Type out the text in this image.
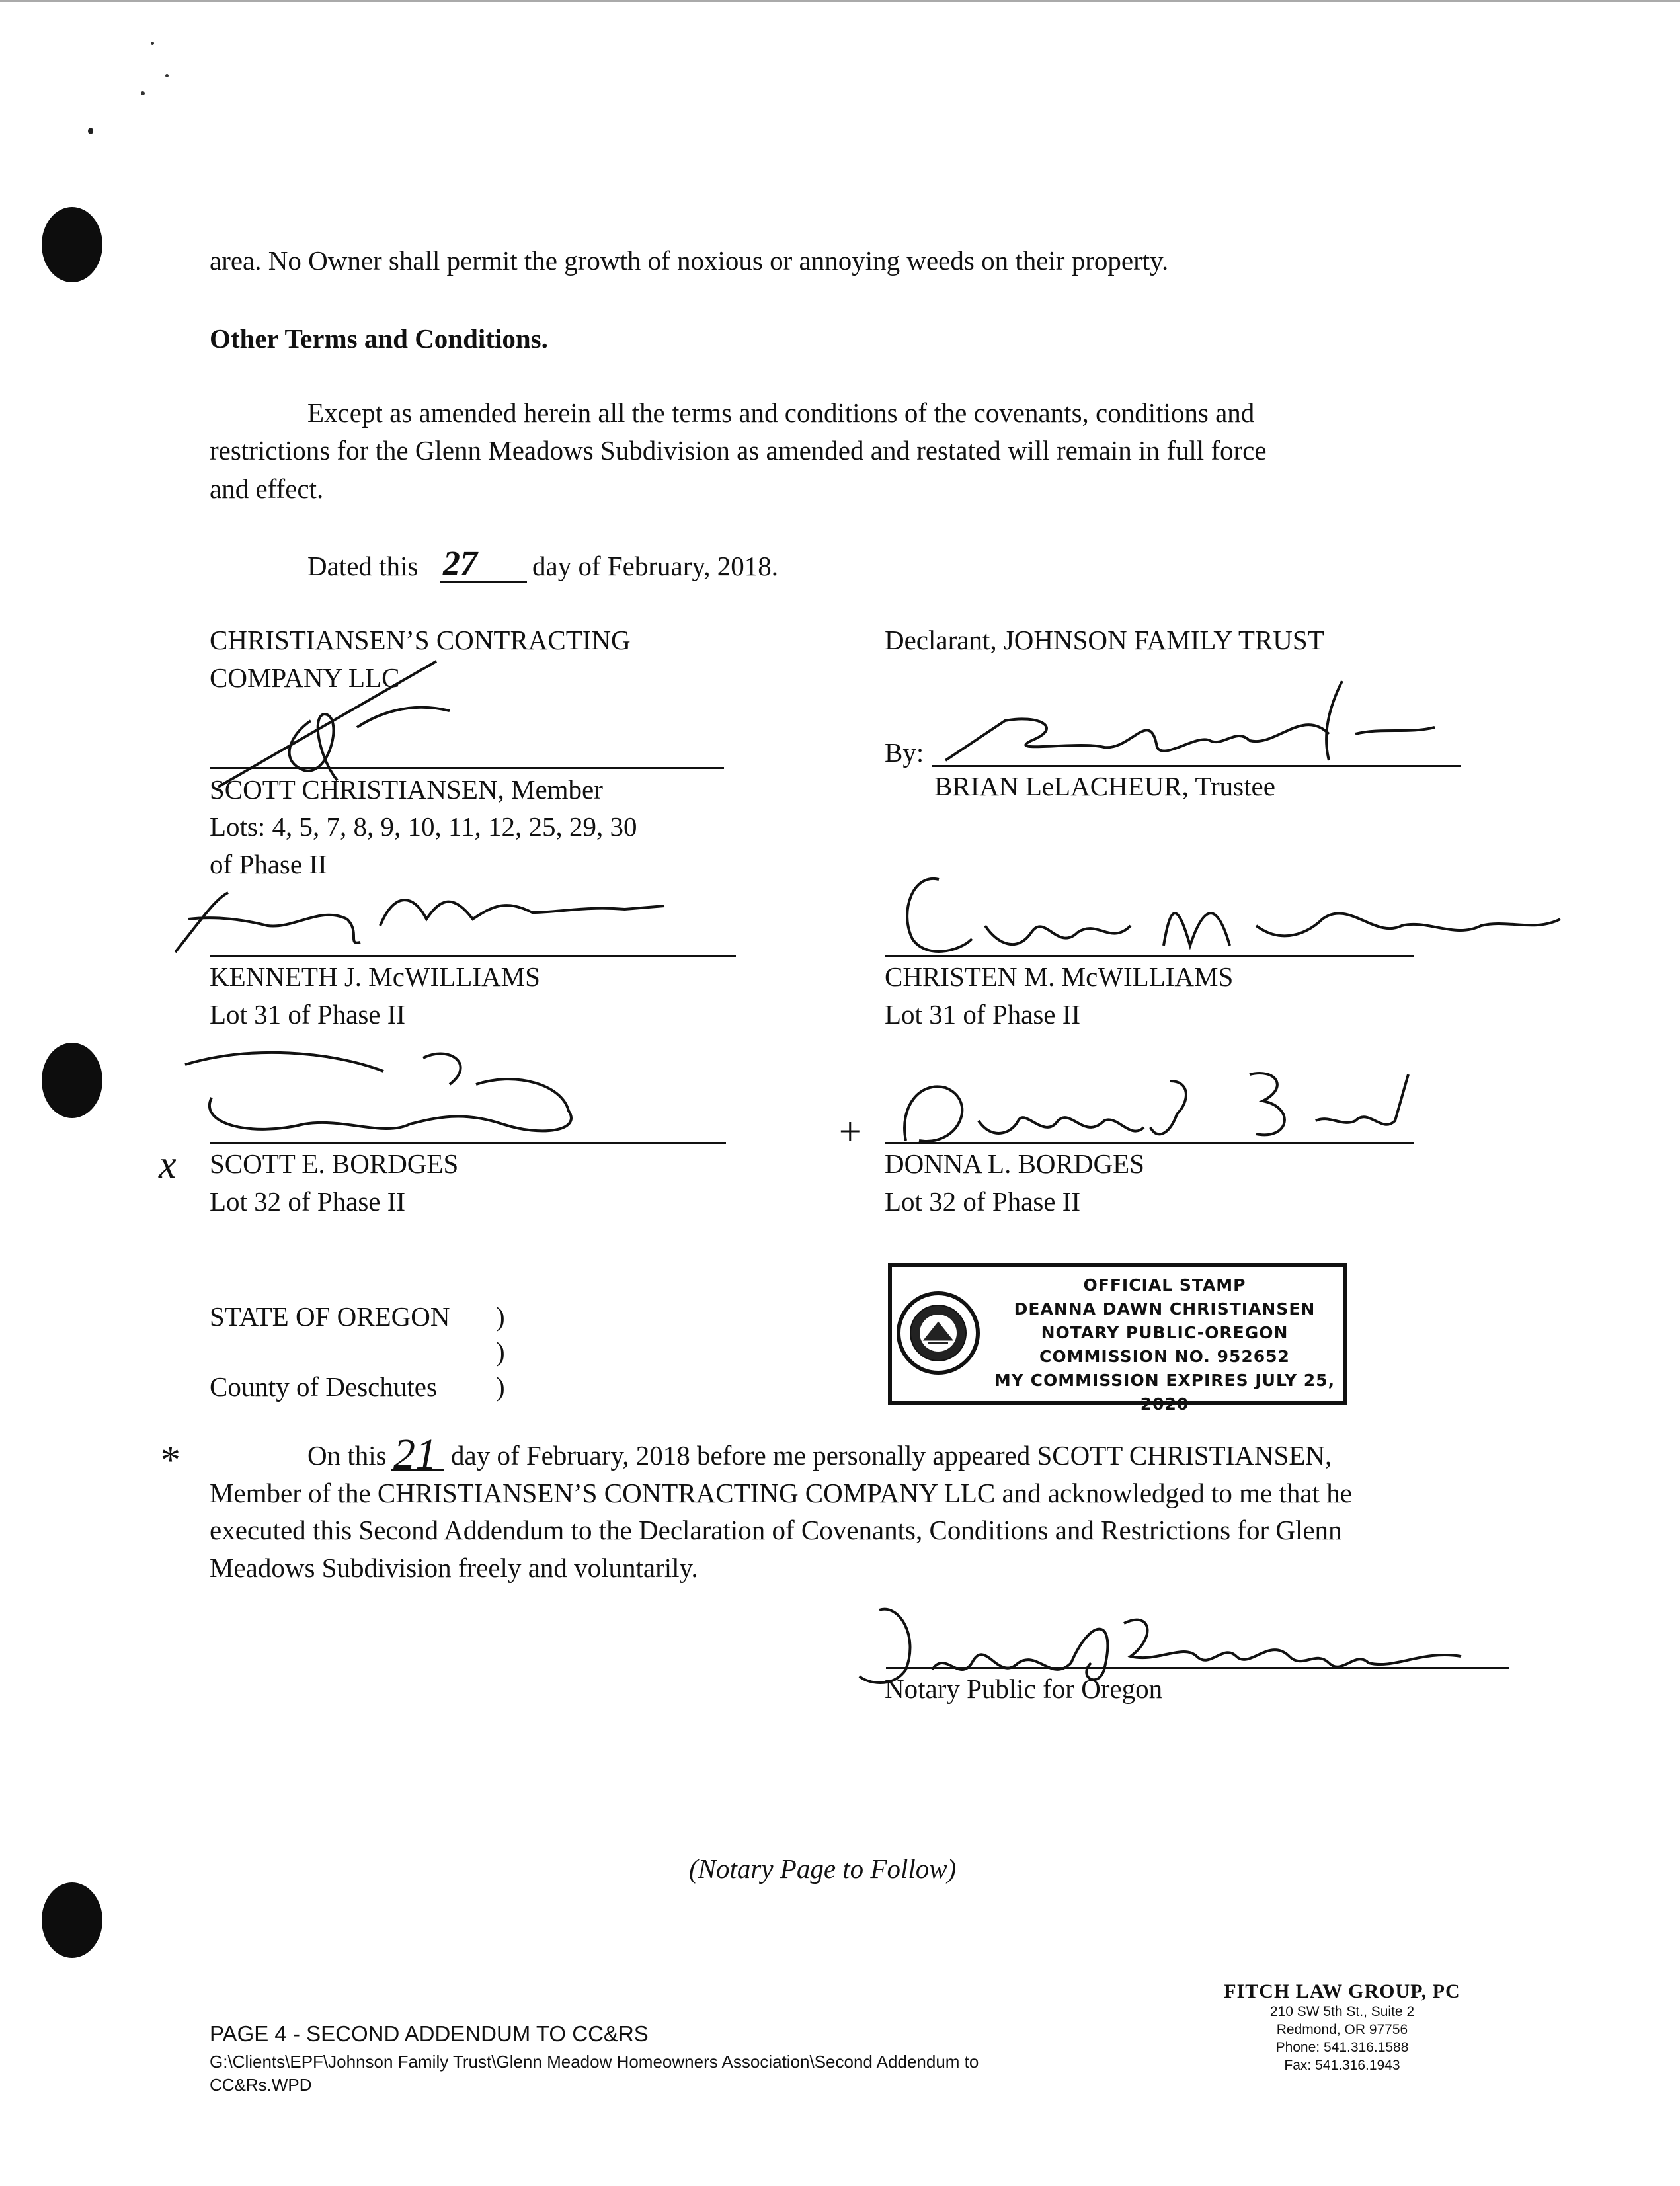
area. No Owner shall permit the growth of noxious or annoying weeds on their property.
Other Terms and Conditions.
Except as amended herein all the terms and conditions of the covenants, conditions and
restrictions for the Glenn Meadows Subdivision as amended and restated will remain in full force
and effect.
Dated this 27 day of February, 2018.
CHRISTIANSEN’S CONTRACTING
COMPANY LLC
SCOTT CHRISTIANSEN, Member
Lots: 4, 5, 7, 8, 9, 10, 11, 12, 25, 29, 30
of Phase II
KENNETH J. McWILLIAMS
Lot 31 of Phase II
x SCOTT E. BORDGES
Lot 32 of Phase II
Declarant, JOHNSON FAMILY TRUST
By:
BRIAN LeLACHEUR, Trustee
CHRISTEN M. McWILLIAMS
Lot 31 of Phase II
+
DONNA L. BORDGES
Lot 32 of Phase II
OFFICIAL STAMP
DEANNA DAWN CHRISTIANSEN
NOTARY PUBLIC-OREGON
COMMISSION NO. 952652
MY COMMISSION EXPIRES JULY 25, 2020
STATE OF OREGON )
)
County of Deschutes )
*	On this 21 day of February, 2018 before me personally appeared SCOTT CHRISTIANSEN,
Member of the CHRISTIANSEN’S CONTRACTING COMPANY LLC and acknowledged to me that he
executed this Second Addendum to the Declaration of Covenants, Conditions and Restrictions for Glenn
Meadows Subdivision freely and voluntarily.
Notary Public for Oregon
(Notary Page to Follow)
PAGE 4 - SECOND ADDENDUM TO CC&RS
G:\Clients\EPF\Johnson Family Trust\Glenn Meadow Homeowners Association\Second Addendum to
CC&Rs.WPD
FITCH LAW GROUP, PC
210 SW 5th St., Suite 2
Redmond, OR 97756
Phone: 541.316.1588
Fax: 541.316.1943
